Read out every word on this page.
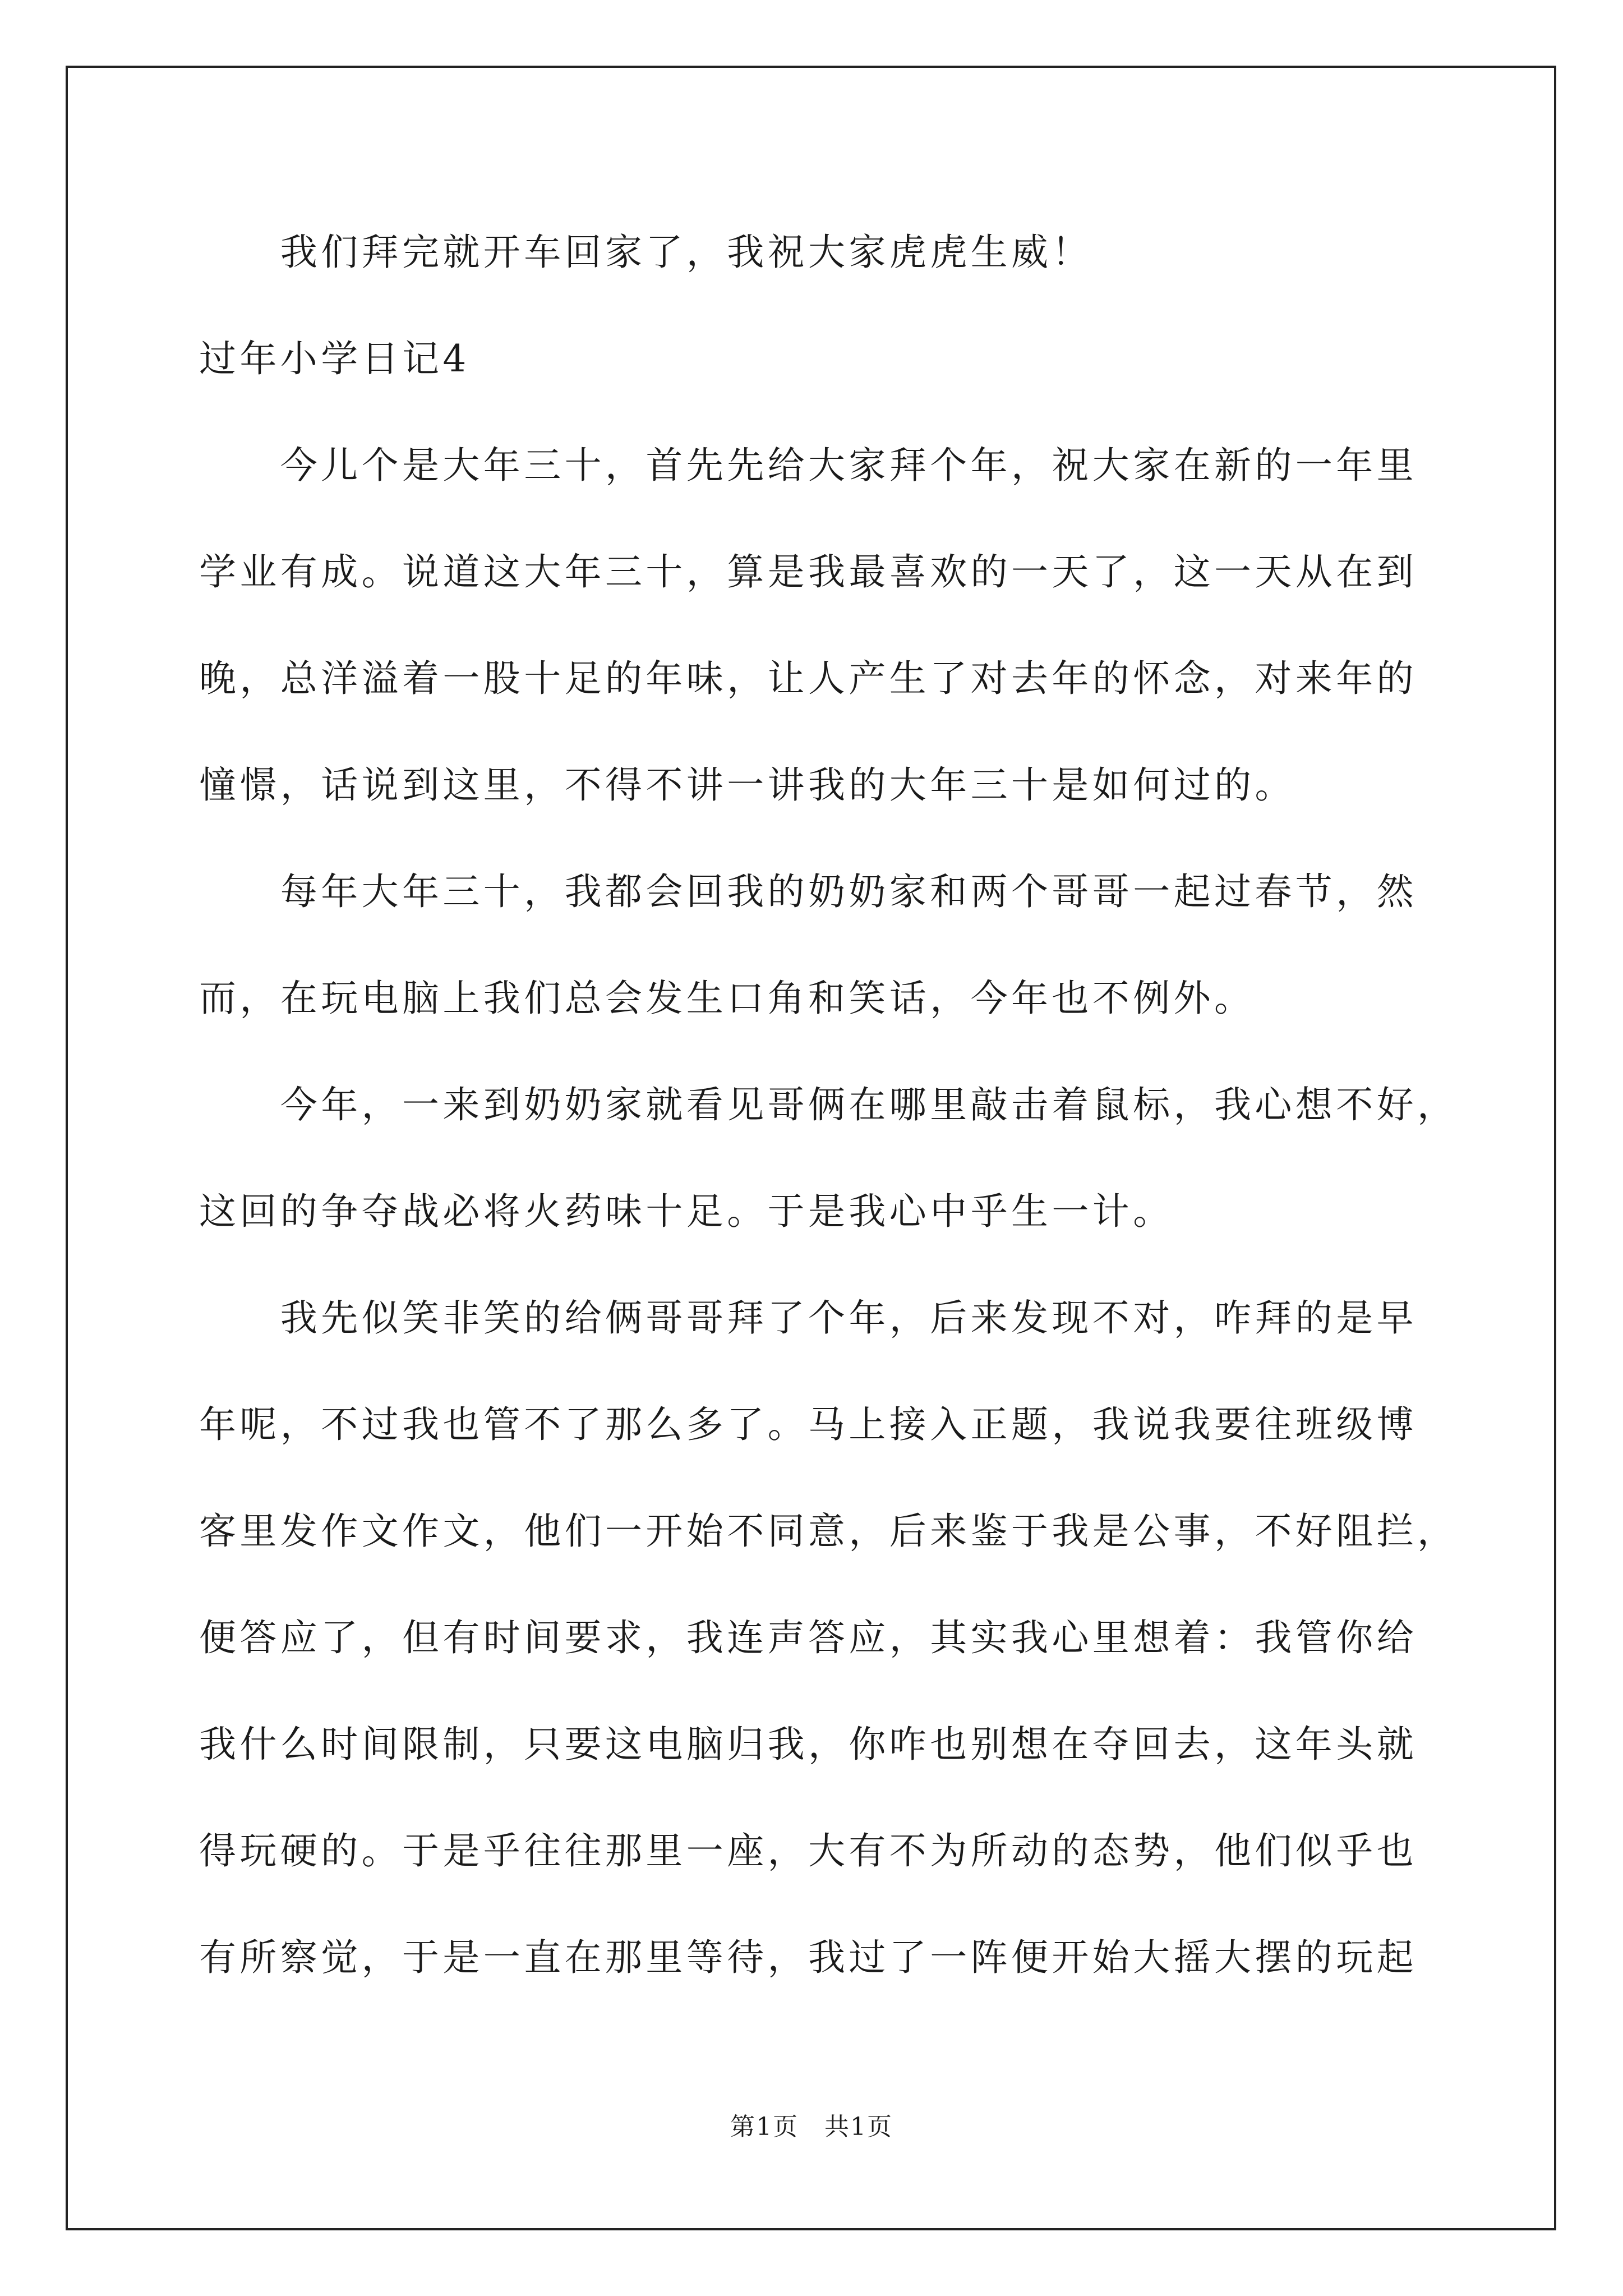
　　我们拜完就开车回家了，我祝大家虎虎生威！

过年小学日记4

　　今儿个是大年三十，首先先给大家拜个年，祝大家在新的一年里

学业有成。说道这大年三十，算是我最喜欢的一天了，这一天从在到

晚，总洋溢着一股十足的年味，让人产生了对去年的怀念，对来年的

憧憬，话说到这里，不得不讲一讲我的大年三十是如何过的。

　　每年大年三十，我都会回我的奶奶家和两个哥哥一起过春节，然

而，在玩电脑上我们总会发生口角和笑话，今年也不例外。

　　今年，一来到奶奶家就看见哥俩在哪里敲击着鼠标，我心想不好，

这回的争夺战必将火药味十足。于是我心中乎生一计。

　　我先似笑非笑的给俩哥哥拜了个年，后来发现不对，咋拜的是早

年呢，不过我也管不了那么多了。马上接入正题，我说我要往班级博

客里发作文作文，他们一开始不同意，后来鉴于我是公事，不好阻拦，

便答应了，但有时间要求，我连声答应，其实我心里想着：我管你给

我什么时间限制，只要这电脑归我，你咋也别想在夺回去，这年头就

得玩硬的。于是乎往往那里一座，大有不为所动的态势，他们似乎也

有所察觉，于是一直在那里等待，我过了一阵便开始大摇大摆的玩起

第1页　共1页
